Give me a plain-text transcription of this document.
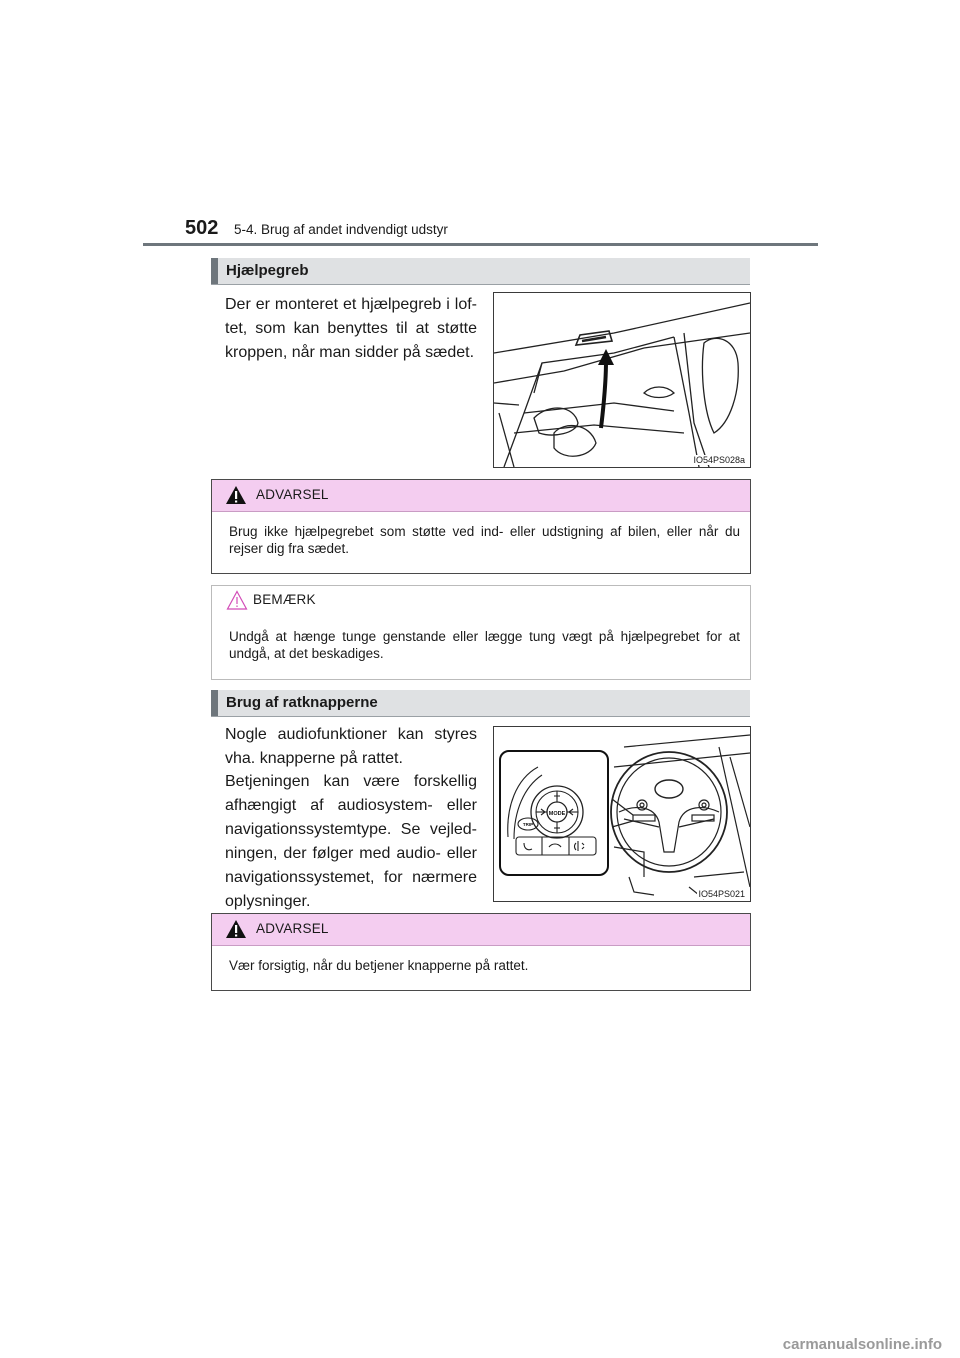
502 5-4. Brug af andet indvendigt udstyr
Hjælpegreb

Der er monteret et hjælpegreb i lof-tet, som kan benyttes til at støtte kroppen, når man sidder på sædet.

IO54PS028a
ADVARSEL
Brug ikke hjælpegrebet som støtte ved ind- eller udstigning af bilen, eller når du rejser dig fra sædet.
BEMÆRK
Undgå at hænge tunge genstande eller lægge tung vægt på hjælpegrebet for at undgå, at det beskadiges.
Brug af ratknapperne

Nogle audiofunktioner kan styres vha. knapperne på rattet.

Betjeningen kan være forskellig afhængigt af audiosystem- eller navigationssystemtype. Se vejled-ningen, der følger med audio- eller navigationssystemet, for nærmere oplysninger.

MODE
TRIP
IO54PS021
ADVARSEL
Vær forsigtig, når du betjener knapperne på rattet.
carmanualsonline.info
